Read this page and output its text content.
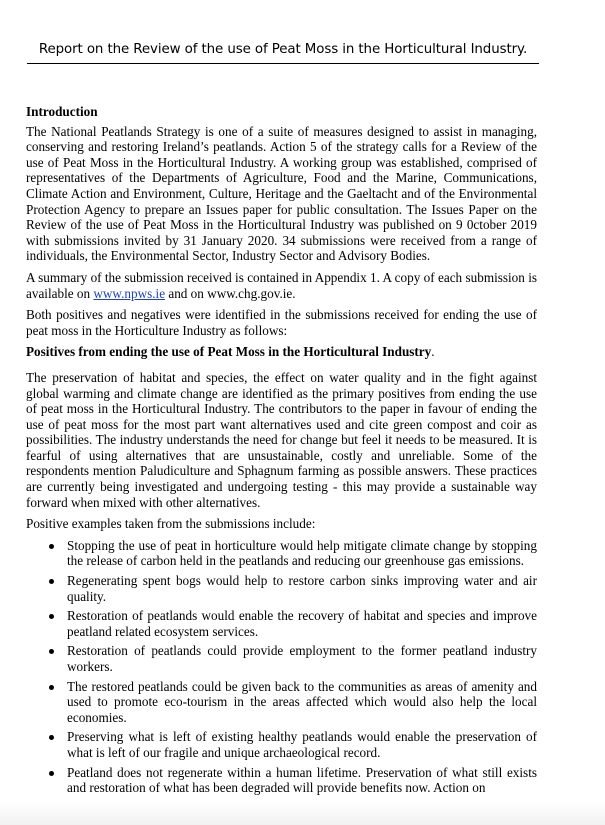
Report on the Review of the use of Peat Moss in the Horticultural Industry.
Introduction

The National Peatlands Strategy is one of a suite of measures designed to assist in managing, conserving and restoring Ireland’s peatlands. Action 5 of the strategy calls for a Review of the use of Peat Moss in the Horticultural Industry. A working group was established, comprised of representatives of the Departments of Agriculture, Food and the Marine, Communications, Climate Action and Environment, Culture, Heritage and the Gaeltacht and of the Environmental Protection Agency to prepare an Issues paper for public consultation. The Issues Paper on the Review of the use of Peat Moss in the Horticultural Industry was published on 9 0ctober 2019 with submissions invited by 31 January 2020. 34 submissions were received from a range of individuals, the Environmental Sector, Industry Sector and Advisory Bodies.

A summary of the submission received is contained in Appendix 1. A copy of each submission is available on www.npws.ie and on www.chg.gov.ie.

Both positives and negatives were identified in the submissions received for ending the use of peat moss in the Horticulture Industry as follows:

Positives from ending the use of Peat Moss in the Horticultural Industry.

The preservation of habitat and species, the effect on water quality and in the fight against global warming and climate change are identified as the primary positives from ending the use of peat moss in the Horticultural Industry. The contributors to the paper in favour of ending the use of peat moss for the most part want alternatives used and cite green compost and coir as possibilities. The industry understands the need for change but feel it needs to be measured. It is fearful of using alternatives that are unsustainable, costly and unreliable. Some of the respondents mention Paludiculture and Sphagnum farming as possible answers. These practices are currently being investigated and undergoing testing - this may provide a sustainable way forward when mixed with other alternatives.

Positive examples taken from the submissions include:

Stopping the use of peat in horticulture would help mitigate climate change by stopping the release of carbon held in the peatlands and reducing our greenhouse gas emissions.
Regenerating spent bogs would help to restore carbon sinks improving water and air quality.
Restoration of peatlands would enable the recovery of habitat and species and improve peatland related ecosystem services.
Restoration of peatlands could provide employment to the former peatland industry workers.
The restored peatlands could be given back to the communities as areas of amenity and used to promote eco-tourism in the areas affected which would also help the local economies.
Preserving what is left of existing healthy peatlands would enable the preservation of what is left of our fragile and unique archaeological record.
Peatland does not regenerate within a human lifetime. Preservation of what still exists and restoration of what has been degraded will provide benefits now. Action on
